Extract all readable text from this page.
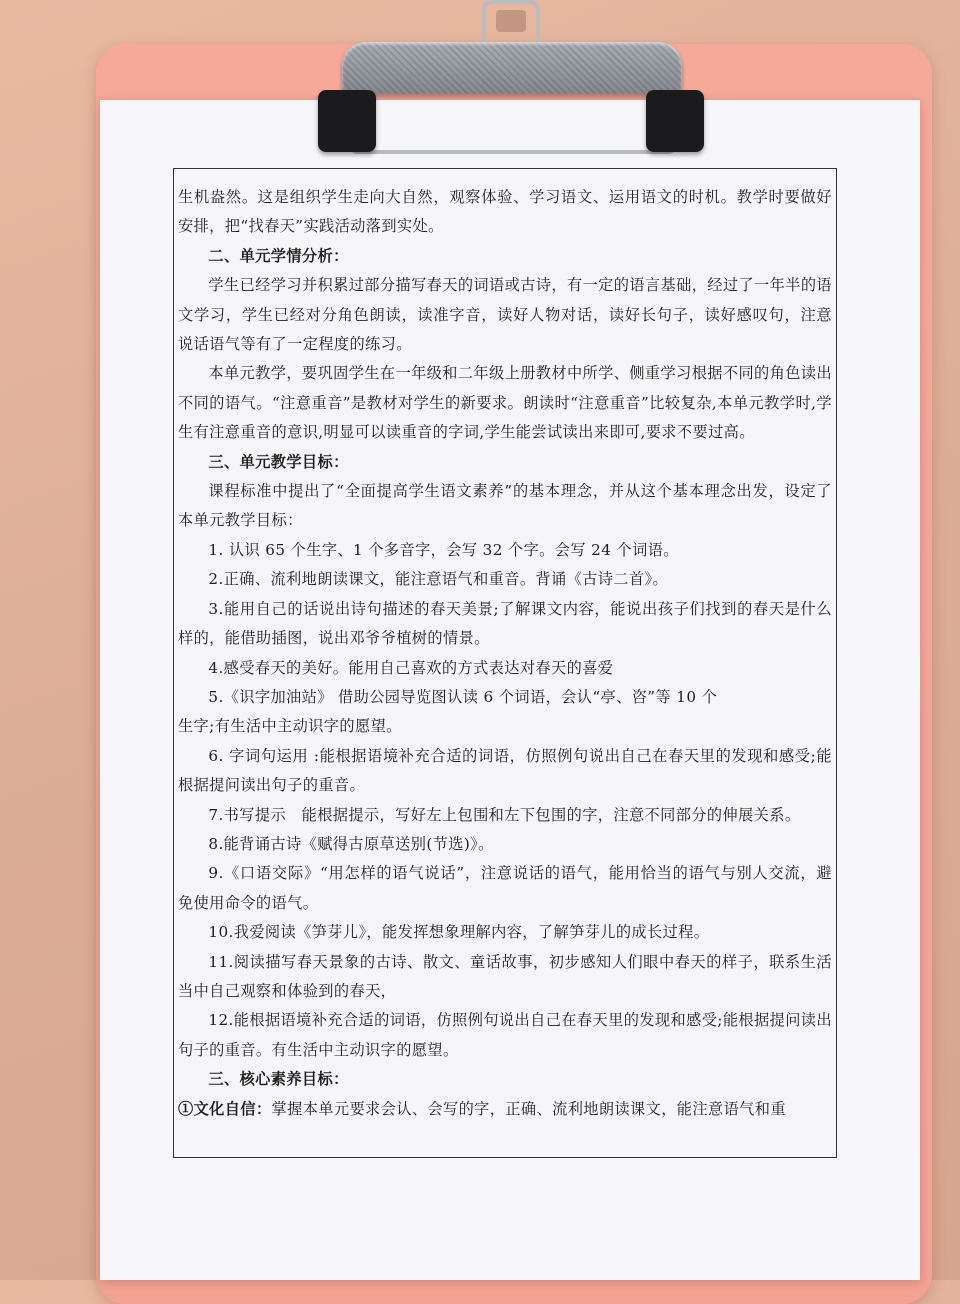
生机盎然。这是组织学生走向大自然，观察体验、学习语文、运用语文的时机。教学时要做好安排，把“找春天”实践活动落到实处。

二、单元学情分析：

学生已经学习并积累过部分描写春天的词语或古诗，有一定的语言基础，经过了一年半的语文学习，学生已经对分角色朗读，读准字音，读好人物对话，读好长句子，读好感叹句，注意说话语气等有了一定程度的练习。

本单元教学，要巩固学生在一年级和二年级上册教材中所学、侧重学习根据不同的角色读出不同的语气。“注意重音”是教材对学生的新要求。朗读时“注意重音”比较复杂,本单元教学时,学生有注意重音的意识,明显可以读重音的字词,学生能尝试读出来即可,要求不要过高。

三、单元教学目标：

课程标准中提出了“全面提高学生语文素养”的基本理念，并从这个基本理念出发，设定了本单元教学目标：

1. 认识 65 个生字、1 个多音字，会写 32 个字。会写 24 个词语。

2.正确、流利地朗读课文，能注意语气和重音。背诵《古诗二首》。

3.能用自己的话说出诗句描述的春天美景;了解课文内容，能说出孩子们找到的春天是什么样的，能借助插图，说出邓爷爷植树的情景。

4.感受春天的美好。能用自己喜欢的方式表达对春天的喜爱

5.《识字加油站》 借助公园导览图认读 6 个词语，会认“亭、咨”等 10 个

生字;有生活中主动识字的愿望。

6. 字词句运用 :能根据语境补充合适的词语，仿照例句说出自己在春天里的发现和感受;能根据提问读出句子的重音。

7.书写提示　能根据提示，写好左上包围和左下包围的字，注意不同部分的伸展关系。

8.能背诵古诗《赋得古原草送别(节选)》。

9.《口语交际》“用怎样的语气说话”，注意说话的语气，能用恰当的语气与别人交流，避免使用命令的语气。

10.我爱阅读《笋芽儿》，能发挥想象理解内容，了解笋芽儿的成长过程。

11.阅读描写春天景象的古诗、散文、童话故事，初步感知人们眼中春天的样子，联系生活当中自己观察和体验到的春天，

12.能根据语境补充合适的词语，仿照例句说出自己在春天里的发现和感受;能根据提问读出句子的重音。有生活中主动识字的愿望。

三、核心素养目标：

①文化自信：掌握本单元要求会认、会写的字，正确、流利地朗读课文，能注意语气和重
